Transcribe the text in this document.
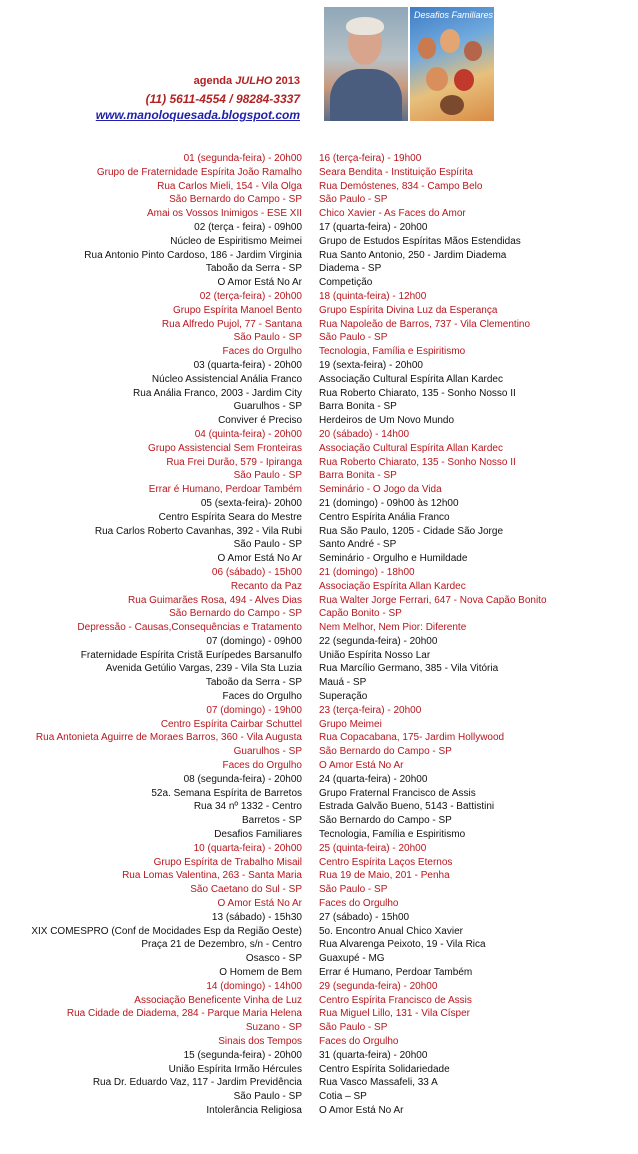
agenda JULHO 2013
(11) 5611-4554 / 98284-3337
www.manoloquesada.blogspot.com
Desafios Familiares
01 (segunda-feira) - 20h00
Grupo de Fraternidade Espírita João Ramalho
Rua Carlos Mieli, 154 - Vila Olga
São Bernardo do Campo - SP
Amai os Vossos Inimigos - ESE XII
02 (terça - feira) - 09h00
Núcleo de Espiritismo Meimei
Rua Antonio Pinto Cardoso, 186 - Jardim Virginia
Taboão da Serra - SP
O Amor Está No Ar
02 (terça-feira) - 20h00
Grupo Espírita Manoel Bento
Rua Alfredo Pujol, 77 - Santana
São Paulo - SP
Faces do Orgulho
03 (quarta-feira) - 20h00
Núcleo Assistencial Anália Franco
Rua Anália Franco, 2003 - Jardim City
Guarulhos - SP
Conviver é Preciso
04 (quinta-feira) - 20h00
Grupo Assistencial Sem Fronteiras
Rua Frei Durão, 579 - Ipiranga
São Paulo - SP
Errar é Humano, Perdoar Também
05 (sexta-feira)- 20h00
Centro Espírita Seara do Mestre
Rua Carlos Roberto Cavanhas, 392 - Vila Rubi
São Paulo - SP
O Amor Está No Ar
06 (sábado) - 15h00
Recanto da Paz
Rua Guimarães Rosa, 494 - Alves Dias
São Bernardo do Campo - SP
Depressão - Causas,Consequências e Tratamento
07 (domingo) - 09h00
Fraternidade Espírita Cristã Eurípedes Barsanulfo
Avenida Getúlio Vargas, 239 - Vila Sta Luzia
Taboão da Serra - SP
Faces do Orgulho
07 (domingo) - 19h00
Centro Espírita Cairbar Schuttel
Rua Antonieta Aguirre de Moraes Barros, 360 - Vila Augusta
Guarulhos - SP
Faces do Orgulho
08 (segunda-feira) - 20h00
52a. Semana Espírita de Barretos
Rua 34 nº 1332 - Centro
Barretos - SP
Desafios Familiares
10 (quarta-feira) - 20h00
Grupo Espírita de Trabalho Misail
Rua Lomas Valentina, 263 - Santa Maria
São Caetano do Sul - SP
O Amor Está No Ar
13 (sábado) - 15h30
XIX COMESPRO (Conf de Mocidades Esp da Região Oeste)
Praça 21 de Dezembro, s/n - Centro
Osasco - SP
O Homem de Bem
14 (domingo) - 14h00
Associação Beneficente Vinha de Luz
Rua Cidade de Diadema, 284 - Parque Maria Helena
Suzano - SP
Sinais dos Tempos
15 (segunda-feira) - 20h00
União Espírita Irmão Hércules
Rua Dr. Eduardo Vaz, 117 - Jardim Previdência
São Paulo - SP
Intolerância Religiosa
16 (terça-feira) - 19h00
Seara Bendita - Instituição Espírita
Rua Demóstenes, 834 - Campo Belo
São Paulo - SP
Chico Xavier - As Faces do Amor
17 (quarta-feira) - 20h00
Grupo de Estudos Espíritas Mãos Estendidas
Rua Santo Antonio, 250 - Jardim Diadema
Diadema - SP
Competição
18 (quinta-feira) - 12h00
Grupo Espírita Divina Luz da Esperança
Rua Napoleão de Barros, 737 - Vila Clementino
São Paulo - SP
Tecnologia, Família e Espiritismo
19 (sexta-feira) - 20h00
Associação Cultural Espírita Allan Kardec
Rua Roberto Chiarato, 135 - Sonho Nosso II
Barra Bonita - SP
Herdeiros de Um Novo Mundo
20 (sábado) - 14h00
Associação Cultural Espírita Allan Kardec
Rua Roberto Chiarato, 135 - Sonho Nosso II
Barra Bonita - SP
Seminário - O Jogo da Vida
21 (domingo) - 09h00 às 12h00
Centro Espírita Anália Franco
Rua São Paulo, 1205 - Cidade São Jorge
Santo André - SP
Seminário - Orgulho e Humildade
21 (domingo) - 18h00
Associação Espírita Allan Kardec
Rua Walter Jorge Ferrari, 647 - Nova Capão Bonito
Capão Bonito - SP
Nem Melhor, Nem Pior: Diferente
22 (segunda-feira) - 20h00
União Espírita Nosso Lar
Rua Marcílio Germano, 385 - Vila Vitória
Mauá - SP
Superação
23 (terça-feira) - 20h00
Grupo Meimei
Rua Copacabana, 175- Jardim Hollywood
São Bernardo do Campo - SP
O Amor Está No Ar
24 (quarta-feira) - 20h00
Grupo Fraternal Francisco de Assis
Estrada Galvão Bueno, 5143 - Battistini
São Bernardo do Campo - SP
Tecnologia, Família e Espiritismo
25 (quinta-feira) - 20h00
Centro Espírita Laços Eternos
Rua 19 de Maio, 201 - Penha
São Paulo - SP
Faces do Orgulho
27 (sábado) - 15h00
5o. Encontro Anual Chico Xavier
Rua Alvarenga Peixoto, 19 - Vila Rica
Guaxupé - MG
Errar é Humano, Perdoar Também
29 (segunda-feira) - 20h00
Centro Espírita Francisco de Assis
Rua Miguel Lillo, 131 - Vila Císper
São Paulo - SP
Faces do Orgulho
31 (quarta-feira) - 20h00
Centro Espírita Solidariedade
Rua Vasco Massafeli, 33 A
Cotia – SP
O Amor Está No Ar
